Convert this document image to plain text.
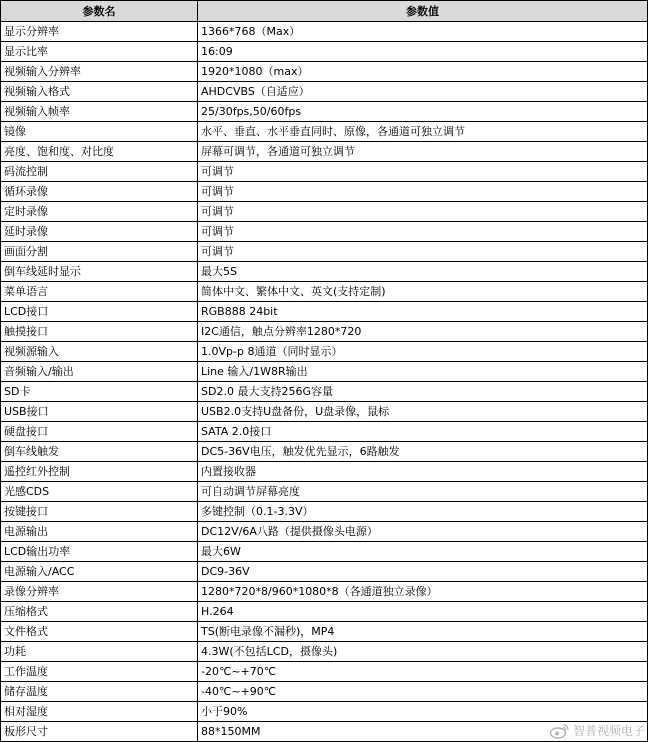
参数名	参数值
显示分辨率	1366*768（Max）
显示比率	16:09
视频输入分辨率	1920*1080（max）
视频输入格式	AHDCVBS（自适应）
视频输入帧率	25/30fps,50/60fps
镜像	水平、垂直、水平垂直同时、原像，各通道可独立调节
亮度、饱和度、对比度	屏幕可调节，各通道可独立调节
码流控制	可调节
循环录像	可调节
定时录像	可调节
延时录像	可调节
画面分割	可调节
倒车线延时显示	最大5S
菜单语言	简体中文、繁体中文、英文(支持定制)
LCD接口	RGB888 24bit
触摸接口	I2C通信，触点分辨率1280*720
视频源输入	1.0Vp-p 8通道（同时显示）
音频输入/输出	Line 输入/1W8R输出
SD卡	SD2.0 最大支持256G容量
USB接口	USB2.0支持U盘备份，U盘录像，鼠标
硬盘接口	SATA 2.0接口
倒车线触发	DC5-36V电压，触发优先显示，6路触发
遥控红外控制	内置接收器
光感CDS	可自动调节屏幕亮度
按键接口	多键控制（0.1-3.3V）
电源输出	DC12V/6A八路（提供摄像头电源）
LCD输出功率	最大6W
电源输入/ACC	DC9-36V
录像分辨率	1280*720*8/960*1080*8（各通道独立录像）
压缩格式	H.264
文件格式	TS(断电录像不漏秒)，MP4
功耗	4.3W(不包括LCD，摄像头)
工作温度	-20℃~+70℃
储存温度	-40℃~+90℃
相对湿度	小于90%
板形尺寸	88*150MM	智普视频电子
